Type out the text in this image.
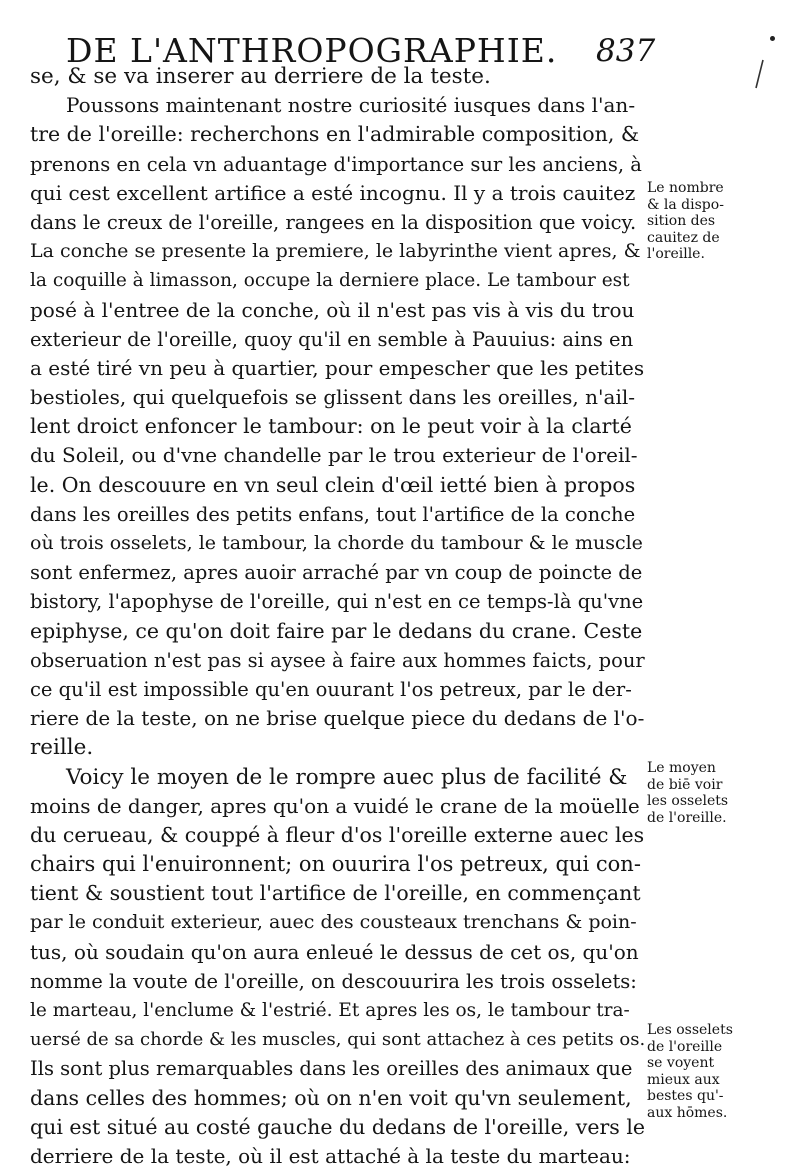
DE L'ANTHROPOGRAPHIE.	837
se, & se va inserer au derriere de la teste.
Poussons maintenant nostre curiosité iusques dans l'an-
tre de l'oreille: recherchons en l'admirable composition, &
prenons en cela vn aduantage d'importance sur les anciens, à
qui cest excellent artifice a esté incognu. Il y a trois cauitez
dans le creux de l'oreille, rangees en la disposition que voicy.
La conche se presente la premiere, le labyrinthe vient apres, &
la coquille à limasson, occupe la derniere place. Le tambour est
posé à l'entree de la conche, où il n'est pas vis à vis du trou
exterieur de l'oreille, quoy qu'il en semble à Pauuius: ains en
a esté tiré vn peu à quartier, pour empescher que les petites
bestioles, qui quelquefois se glissent dans les oreilles, n'ail-
lent droict enfoncer le tambour: on le peut voir à la clarté
du Soleil, ou d'vne chandelle par le trou exterieur de l'oreil-
le. On descouure en vn seul clein d'œil ietté bien à propos
dans les oreilles des petits enfans, tout l'artifice de la conche
où trois osselets, le tambour, la chorde du tambour & le muscle
sont enfermez, apres auoir arraché par vn coup de poincte de
bistory, l'apophyse de l'oreille, qui n'est en ce temps-là qu'vne
epiphyse, ce qu'on doit faire par le dedans du crane. Ceste
obseruation n'est pas si aysee à faire aux hommes faicts, pour
ce qu'il est impossible qu'en ouurant l'os petreux, par le der-
riere de la teste, on ne brise quelque piece du dedans de l'o-
reille.
Voicy le moyen de le rompre auec plus de facilité &
moins de danger, apres qu'on a vuidé le crane de la moüelle
du cerueau, & couppé à fleur d'os l'oreille externe auec les
chairs qui l'enuironnent; on ouurira l'os petreux, qui con-
tient & soustient tout l'artifice de l'oreille, en commençant
par le conduit exterieur, auec des cousteaux trenchans & poin-
tus, où soudain qu'on aura enleué le dessus de cet os, qu'on
nomme la voute de l'oreille, on descouurira les trois osselets:
le marteau, l'enclume & l'estrié. Et apres les os, le tambour tra-
uersé de sa chorde & les muscles, qui sont attachez à ces petits os.
Ils sont plus remarquables dans les oreilles des animaux que
dans celles des hommes; où on n'en voit qu'vn seulement,
qui est situé au costé gauche du dedans de l'oreille, vers le
derriere de la teste, où il est attaché à la teste du marteau:
Le nombre
& la dispo-
sition des
cauitez de
l'oreille.
Le moyen
de biē voir
les osselets
de l'oreille.
Les osselets
de l'oreille
se voyent
mieux aux
bestes qu'-
aux hōmes.
